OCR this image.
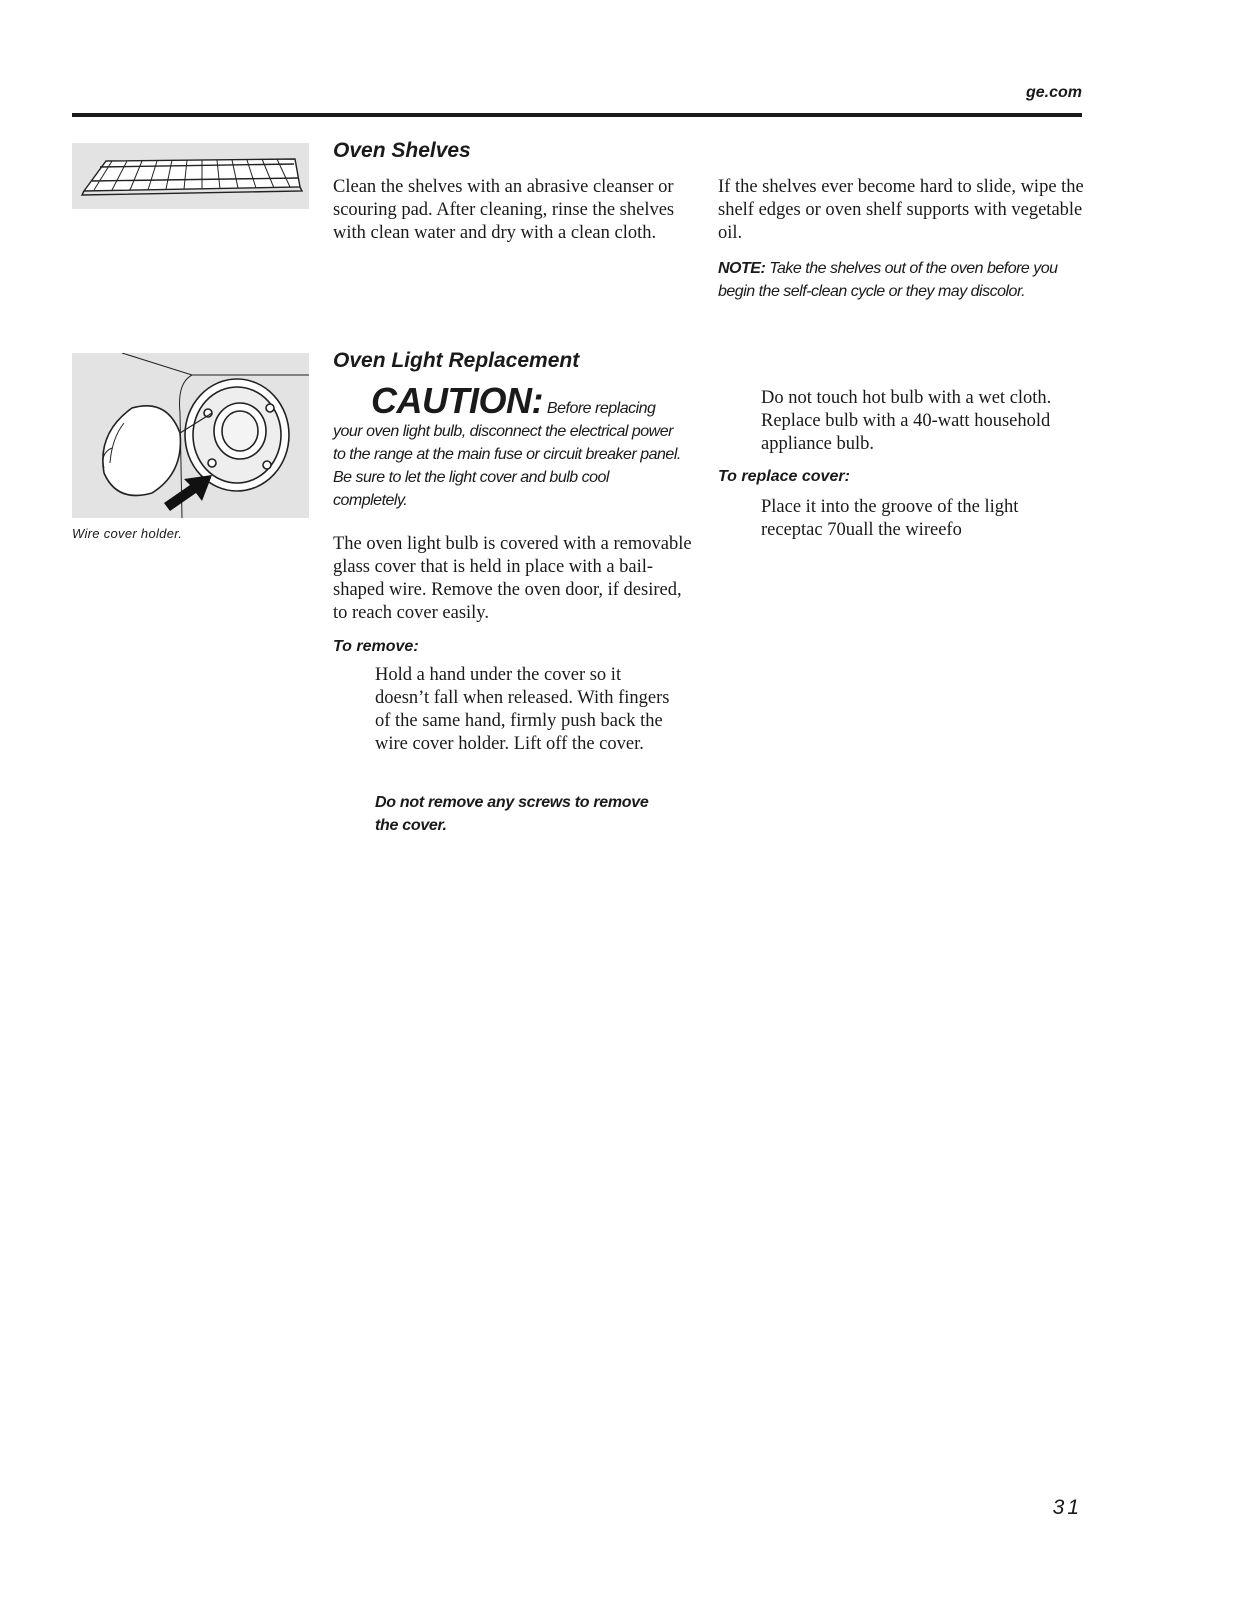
ge.com
Wire cover holder.
Oven Shelves
Clean the shelves with an abrasive cleanser or scouring pad. After cleaning, rinse the shelves with clean water and dry with a clean cloth.
If the shelves ever become hard to slide, wipe the shelf edges or oven shelf supports with vegetable oil.
NOTE: Take the shelves out of the oven before you begin the self-clean cycle or they may discolor.
Oven Light Replacement
CAUTION: Before replacing your oven light bulb, disconnect the electrical power to the range at the main fuse or circuit breaker panel. Be sure to let the light cover and bulb cool completely.
The oven light bulb is covered with a removable glass cover that is held in place with a bail-shaped wire. Remove the oven door, if desired, to reach cover easily.

To remove:

Hold a hand under the cover so it doesn’t fall when released. With fingers of the same hand, firmly push back the wire cover holder. Lift off the cover.
Do not remove any screws to remove the cover.
Do not touch hot bulb with a wet cloth. Replace bulb with a 40-watt household appliance bulb.

To replace cover:

Place it into the groove of the light receptac 70uall the wireefo
31
